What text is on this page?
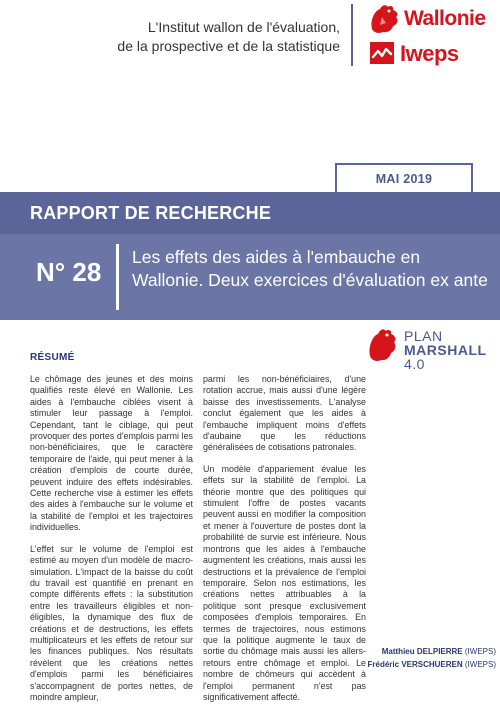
L'Institut wallon de l'évaluation,
de la prospective et de la statistique
Wallonie
Iweps
MAI 2019
RAPPORT DE RECHERCHE
N° 28 Les effets des aides à l'embauche en
Wallonie. Deux exercices d'évaluation ex ante
PLAN
MARSHALL
4.0
RÉSUMÉ

Le chômage des jeunes et des moins qualifiés reste élevé en Wallonie. Les aides à l'embauche ciblées visent à stimuler leur passage à l'emploi. Cependant, tant le ciblage, qui peut provoquer des portes d'emplois parmi les non-bénéficiaires, que le caractère temporaire de l'aide, qui peut mener à la création d'emplois de courte durée, peuvent induire des effets indésirables. Cette recherche vise à estimer les effets des aides à l'embauche sur le volume et la stabilité de l'emploi et les trajectoires individuelles.

L'effet sur le volume de l'emploi est estimé au moyen d'un modèle de macro-simulation. L'impact de la baisse du coût du travail est quantifié en prenant en compte différents effets : la substitution entre les travailleurs éligibles et non-éligibles, la dynamique des flux de créations et de destructions, les effets multiplicateurs et les effets de retour sur les finances publiques. Nos résultats révèlent que les créations nettes d'emplois parmi les bénéficiaires s'accompagnent de portes nettes, de moindre ampleur,

parmi les non-bénéficiaires, d'une rotation accrue, mais aussi d'une légère baisse des investissements. L'analyse conclut également que les aides à l'embauche impliquent moins d'effets d'aubaine que les réductions généralisées de cotisations patronales.

Un modèle d'appariement évalue les effets sur la stabilité de l'emploi. La théorie montre que des politiques qui stimulent l'offre de postes vacants peuvent aussi en modifier la composition et mener à l'ouverture de postes dont la probabilité de survie est inférieure. Nous montrons que les aides à l'embauche augmentent les créations, mais aussi les destructions et la prévalence de l'emploi temporaire. Selon nos estimations, les créations nettes attribuables à la politique sont presque exclusivement composées d'emplois temporaires. En termes de trajectoires, nous estimons que la politique augmente le taux de sortie du chômage mais aussi les allers-retours entre chômage et emploi. Le nombre de chômeurs qui accèdent à l'emploi permanent n'est pas significativement affecté.

Matthieu DELPIERRE (IWEPS)
Frédéric VERSCHUEREN (IWEPS)
